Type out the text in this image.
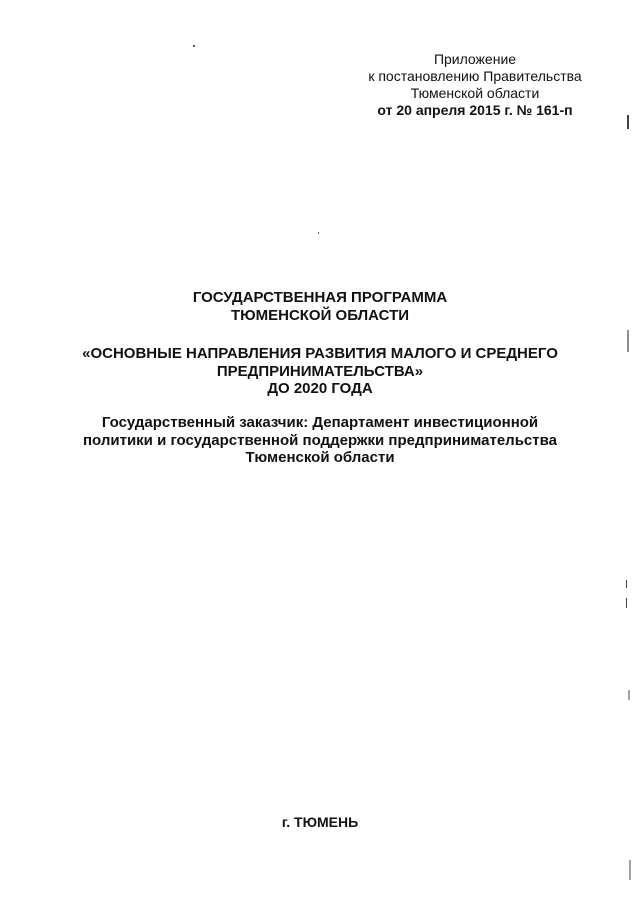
Приложение
к постановлению Правительства
Тюменской области
от 20 апреля 2015 г. № 161-п
ГОСУДАРСТВЕННАЯ ПРОГРАММА
ТЮМЕНСКОЙ ОБЛАСТИ
«ОСНОВНЫЕ НАПРАВЛЕНИЯ РАЗВИТИЯ МАЛОГО И СРЕДНЕГО
ПРЕДПРИНИМАТЕЛЬСТВА»
ДО 2020 ГОДА
Государственный заказчик: Департамент инвестиционной
политики и государственной поддержки предпринимательства
Тюменской области
г. ТЮМЕНЬ
